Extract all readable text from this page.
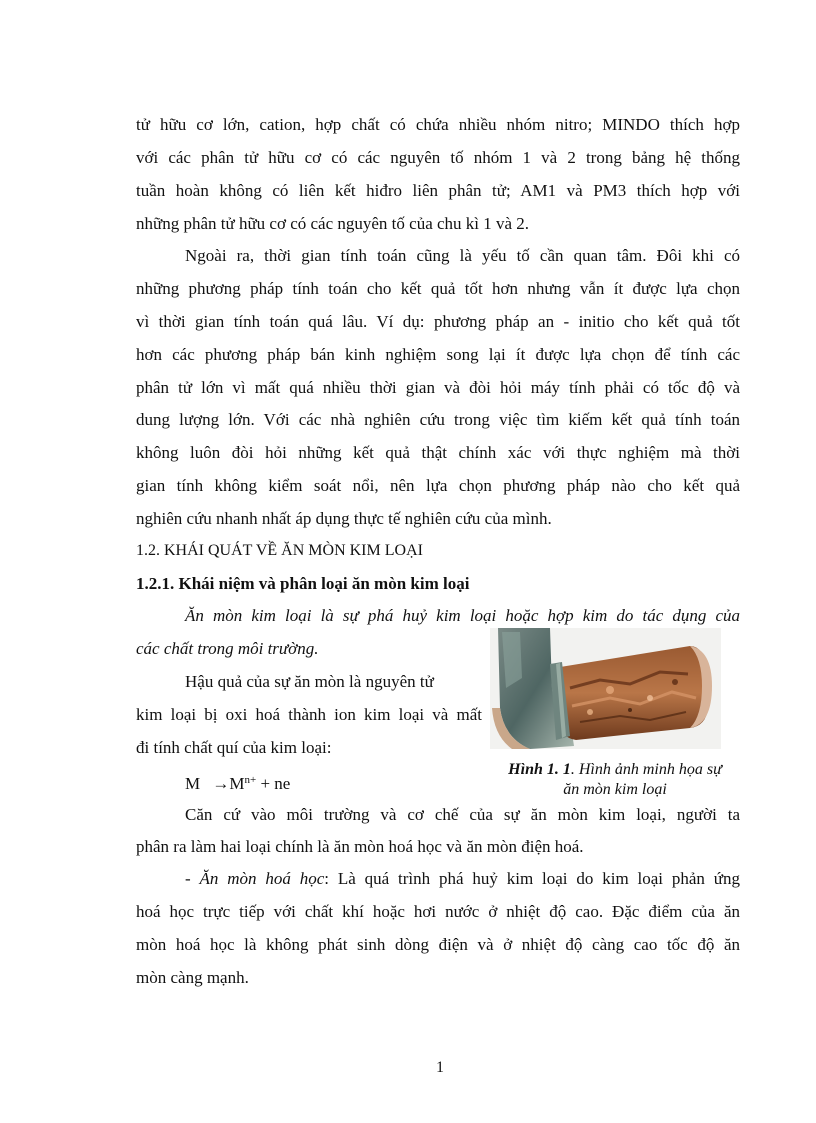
tử hữu cơ lớn, cation, hợp chất có chứa nhiều nhóm nitro; MINDO thích hợp
với các phân tử hữu cơ có các nguyên tố nhóm 1 và 2 trong bảng hệ thống
tuần hoàn không có liên kết hiđro liên phân tử; AM1 và PM3 thích hợp với
những phân tử hữu cơ có các nguyên tố của chu kì 1 và 2.
Ngoài ra, thời gian tính toán cũng là yếu tố cần quan tâm. Đôi khi có
những phương pháp tính toán cho kết quả tốt hơn nhưng vẫn ít được lựa chọn
vì thời gian tính toán quá lâu. Ví dụ: phương pháp an - initio cho kết quả tốt
hơn các phương pháp bán kinh nghiệm song lại ít được lựa chọn để tính các
phân tử lớn vì mất quá nhiều thời gian và đòi hỏi máy tính phải có tốc độ và
dung lượng lớn. Với các nhà nghiên cứu trong việc tìm kiếm kết quả tính toán
không luôn đòi hỏi những kết quả thật chính xác với thực nghiệm mà thời
gian tính không kiểm soát nổi, nên lựa chọn phương pháp nào cho kết quả
nghiên cứu nhanh nhất áp dụng thực tế nghiên cứu của mình.
1.2. KHÁI QUÁT VỀ ĂN MÒN KIM LOẠI
1.2.1. Khái niệm và phân loại ăn mòn kim loại
Ăn mòn kim loại là sự phá huỷ kim loại hoặc hợp kim do tác dụng của
các chất trong môi trường.
Hậu quả của sự ăn mòn là nguyên tử
kim loại bị oxi hoá thành ion kim loại và mất
đi tính chất quí của kim loại:
$M \to M^{n+}$ + ne
Hình 1. 1. Hình ảnh minh họa sự
ăn mòn kim loại
Căn cứ vào môi trường và cơ chế của sự ăn mòn kim loại, người ta
phân ra làm hai loại chính là ăn mòn hoá học và ăn mòn điện hoá.
- Ăn mòn hoá học: Là quá trình phá huỷ kim loại do kim loại phản ứng
hoá học trực tiếp với chất khí hoặc hơi nước ở nhiệt độ cao. Đặc điểm của ăn
mòn hoá học là không phát sinh dòng điện và ở nhiệt độ càng cao tốc độ ăn
mòn càng mạnh.
1
